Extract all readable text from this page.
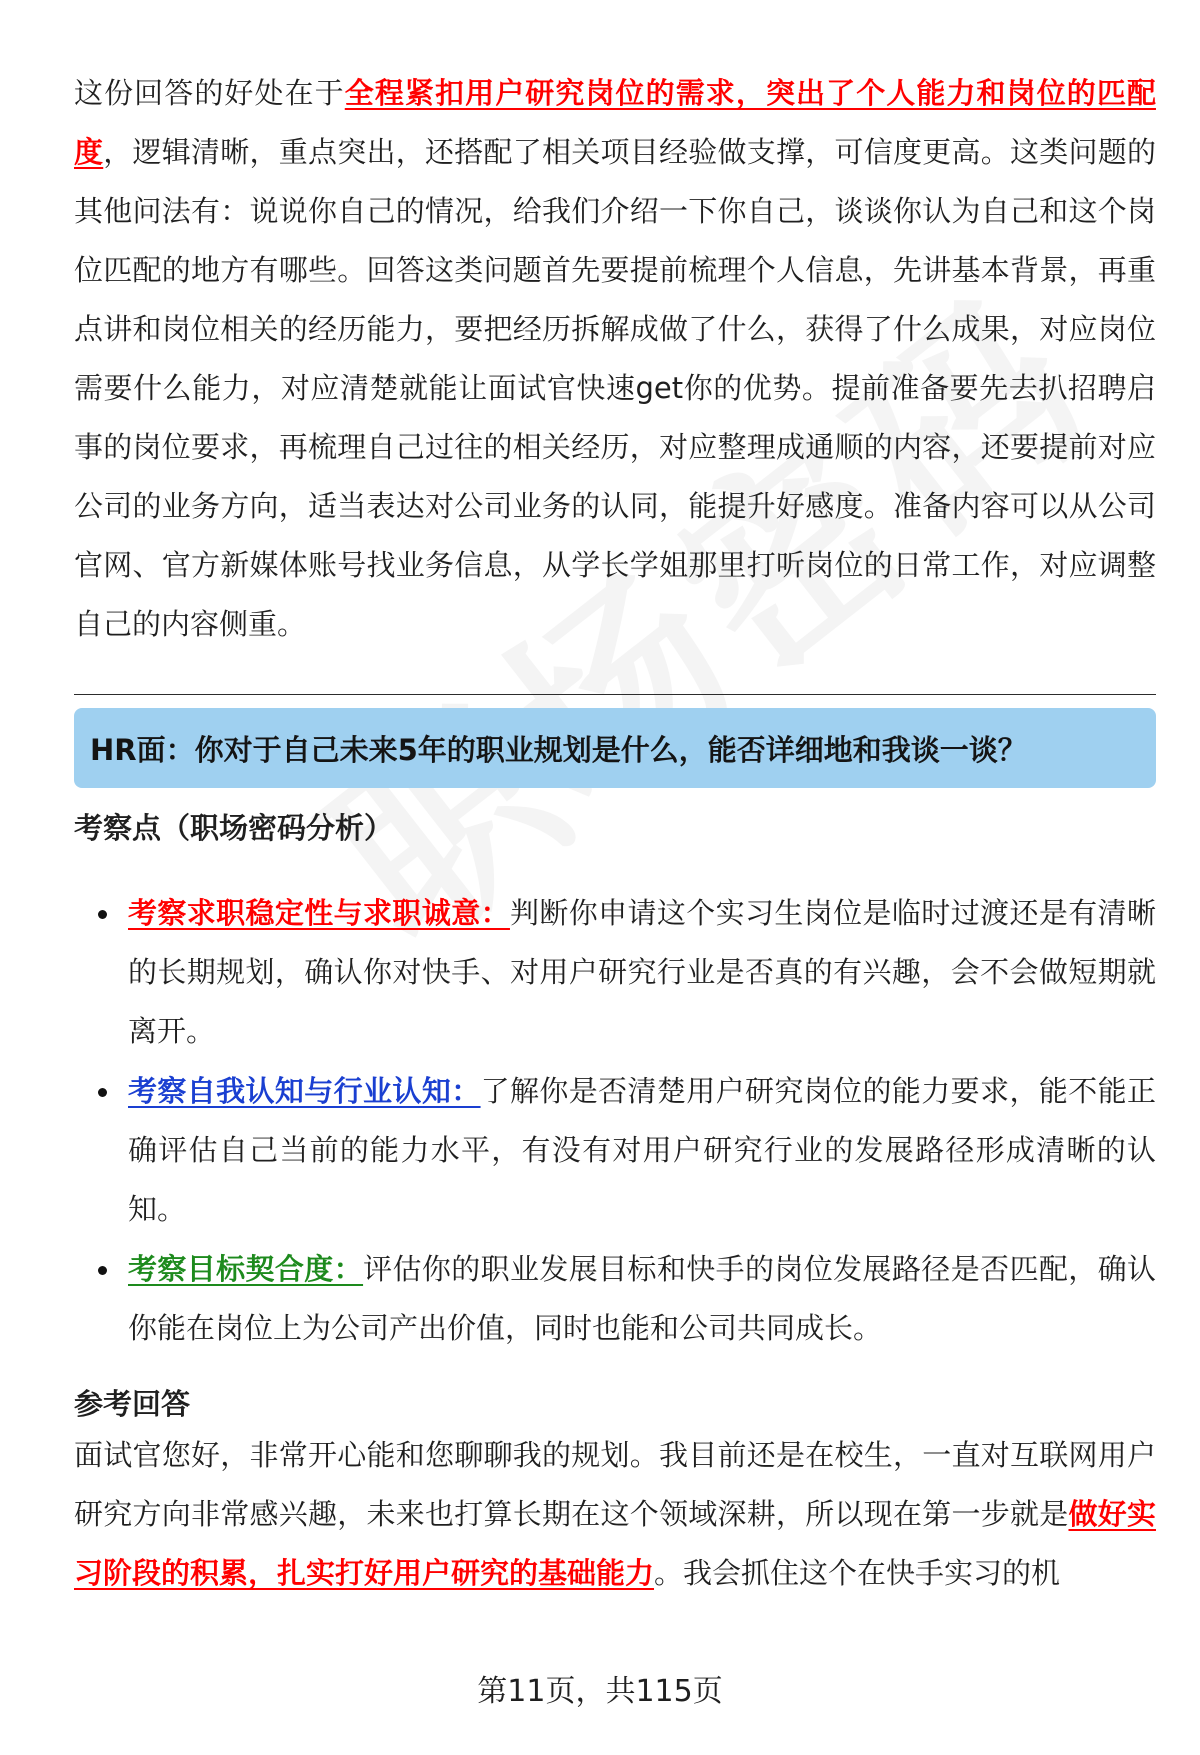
这份回答的好处在于全程紧扣用户研究岗位的需求，突出了个人能力和岗位的匹配度，逻辑清晰，重点突出，还搭配了相关项目经验做支撑，可信度更高。这类问题的其他问法有：说说你自己的情况，给我们介绍一下你自己，谈谈你认为自己和这个岗位匹配的地方有哪些。回答这类问题首先要提前梳理个人信息，先讲基本背景，再重点讲和岗位相关的经历能力，要把经历拆解成做了什么，获得了什么成果，对应岗位需要什么能力，对应清楚就能让面试官快速get你的优势。提前准备要先去扒招聘启事的岗位要求，再梳理自己过往的相关经历，对应整理成通顺的内容，还要提前对应公司的业务方向，适当表达对公司业务的认同，能提升好感度。准备内容可以从公司官网、官方新媒体账号找业务信息，从学长学姐那里打听岗位的日常工作，对应调整自己的内容侧重。

HR面：你对于自己未来5年的职业规划是什么，能否详细地和我谈一谈？
考察点（职场密码分析）
考察求职稳定性与求职诚意：判断你申请这个实习生岗位是临时过渡还是有清晰的长期规划，确认你对快手、对用户研究行业是否真的有兴趣，会不会做短期就离开。
考察自我认知与行业认知：了解你是否清楚用户研究岗位的能力要求，能不能正确评估自己当前的能力水平，有没有对用户研究行业的发展路径形成清晰的认知。
考察目标契合度：评估你的职业发展目标和快手的岗位发展路径是否匹配，确认你能在岗位上为公司产出价值，同时也能和公司共同成长。
参考回答

面试官您好，非常开心能和您聊聊我的规划。我目前还是在校生，一直对互联网用户研究方向非常感兴趣，未来也打算长期在这个领域深耕，所以现在第一步就是做好实习阶段的积累，扎实打好用户研究的基础能力。我会抓住这个在快手实习的机

第11页，共115页
